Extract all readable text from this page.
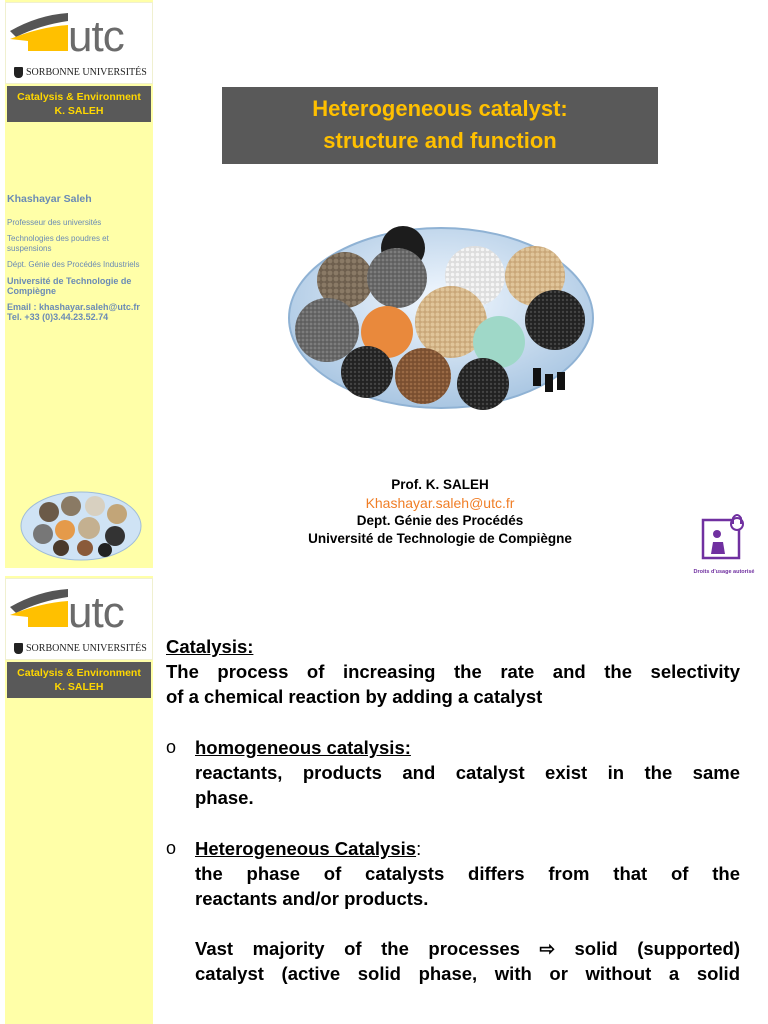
utc
SORBONNE UNIVERSITÉS
Catalysis & Environment
K. SALEH
Khashayar Saleh
Professeur des universités
Technologies des poudres et suspensions
Dépt. Génie des Procédés Industriels
Université de Technologie de Compiègne
Email : khashayar.saleh@utc.fr
Tel. +33 (0)3.44.23.52.74
Heterogeneous catalyst:
structure and function
Prof. K. SALEH
Khashayar.saleh@utc.fr
Dept. Génie des Procédés
Université de Technologie de Compiègne
Droits d'usage autorisé
utc
SORBONNE UNIVERSITÉS
Catalysis & Environment
K. SALEH
Catalysis:
The process of increasing the rate and the selectivity
of a chemical reaction by adding a catalyst
o	homogeneous catalysis:
reactants, products and catalyst exist in the same
phase.
o	Heterogeneous Catalysis:
the phase of catalysts differs from that of the
reactants and/or products.
Vast majority of the processes ⇨ solid (supported)
catalyst (active solid phase, with or without a solid
